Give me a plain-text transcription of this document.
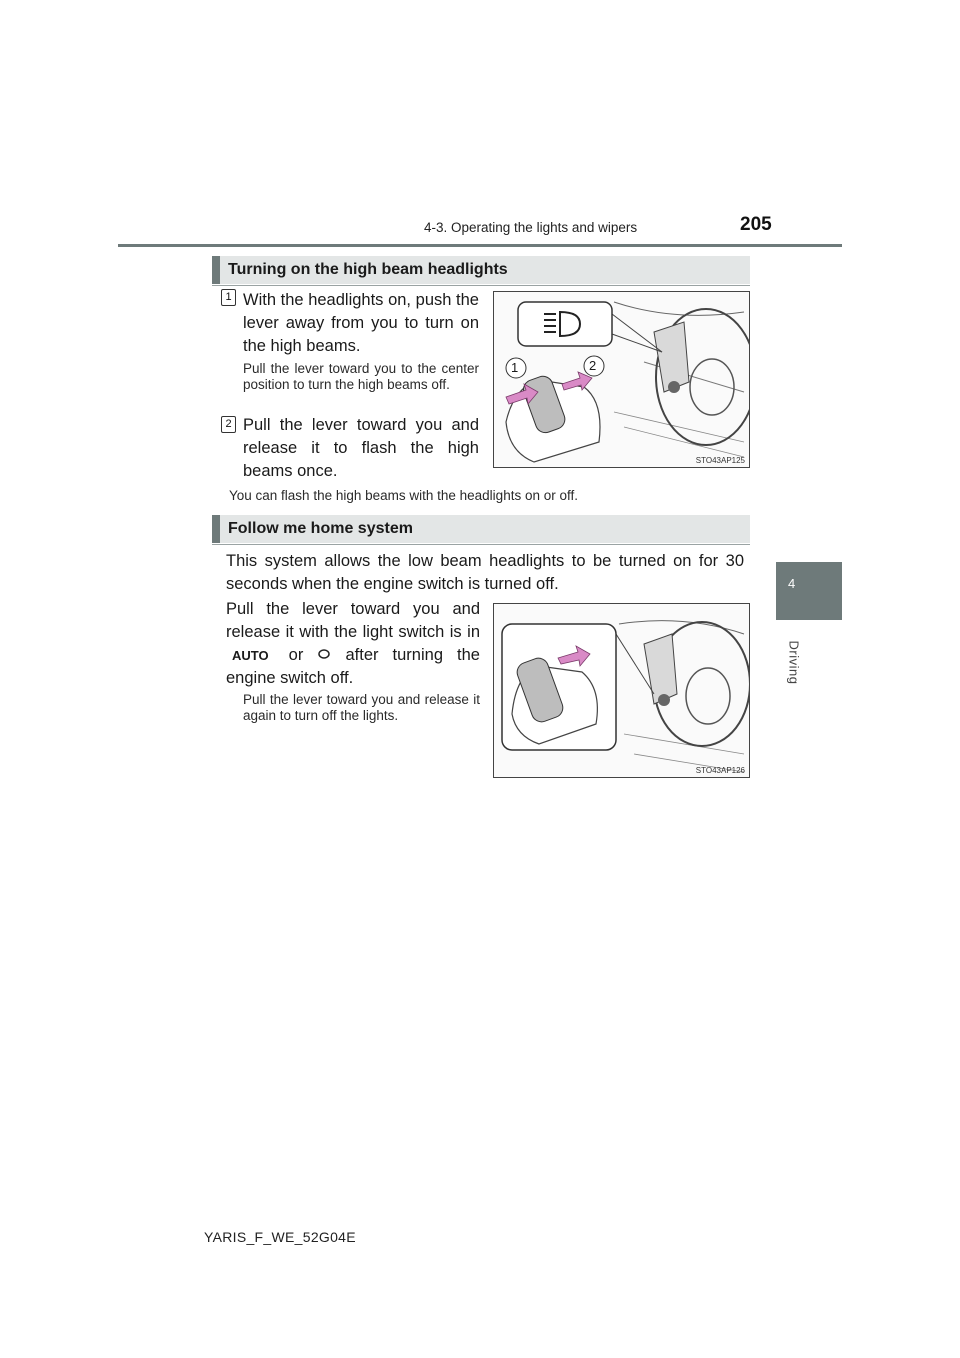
4-3. Operating the lights and wipers	205
4
Driving
Turning on the high beam headlights
1 With the headlights on, push the lever away from you to turn on the high beams.
Pull the lever toward you to the center position to turn the high beams off.
2 Pull the lever toward you and release it to flash the high beams once.
You can flash the high beams with the headlights on or off.
1	2
STO43AP125
Follow me home system
This system allows the low beam headlights to be turned on for 30 seconds when the engine switch is turned off.
Pull the lever toward you and release it with the light switch is in AUTO or	after turning the engine switch off.
Pull the lever toward you and release it again to turn off the lights.
STO43AP126
YARIS_F_WE_52G04E
